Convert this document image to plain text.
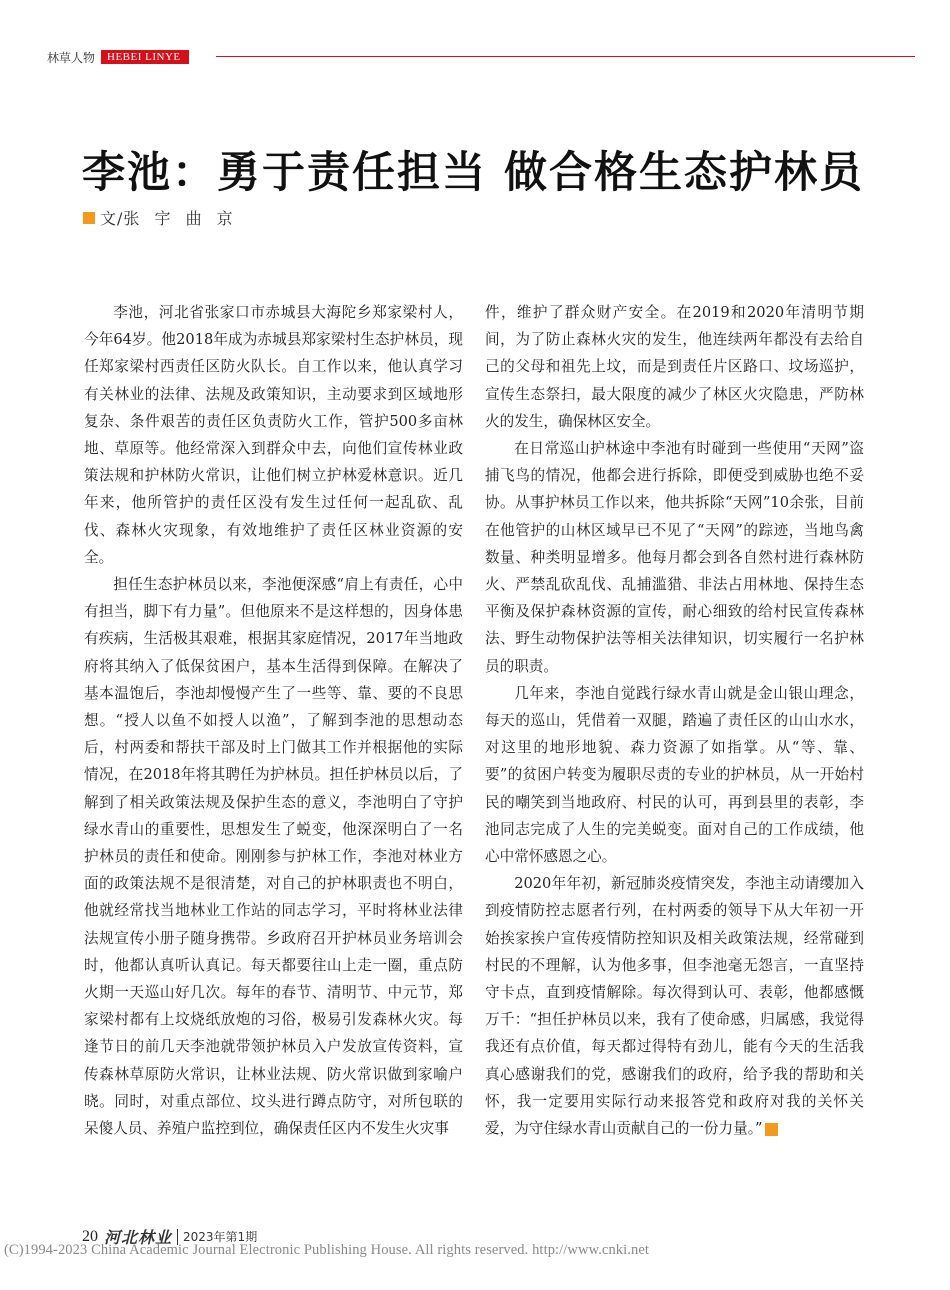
林草人物	HEBEI LINYE
李池：勇于责任担当 做合格生态护林员
文/张 宇 曲 京

李池，河北省张家口市赤城县大海陀乡郑家梁村人，今年64岁。他2018年成为赤城县郑家梁村生态护林员，现任郑家梁村西责任区防火队长。自工作以来，他认真学习有关林业的法律、法规及政策知识，主动要求到区域地形复杂、条件艰苦的责任区负责防火工作，管护500多亩林地、草原等。他经常深入到群众中去，向他们宣传林业政策法规和护林防火常识，让他们树立护林爱林意识。近几年来，他所管护的责任区没有发生过任何一起乱砍、乱伐、森林火灾现象，有效地维护了责任区林业资源的安全。

担任生态护林员以来，李池便深感“肩上有责任，心中有担当，脚下有力量”。但他原来不是这样想的，因身体患有疾病，生活极其艰难，根据其家庭情况，2017年当地政府将其纳入了低保贫困户，基本生活得到保障。在解决了基本温饱后，李池却慢慢产生了一些等、靠、要的不良思想。“授人以鱼不如授人以渔”，了解到李池的思想动态后，村两委和帮扶干部及时上门做其工作并根据他的实际情况，在2018年将其聘任为护林员。担任护林员以后，了解到了相关政策法规及保护生态的意义，李池明白了守护绿水青山的重要性，思想发生了蜕变，他深深明白了一名护林员的责任和使命。刚刚参与护林工作，李池对林业方面的政策法规不是很清楚，对自己的护林职责也不明白，他就经常找当地林业工作站的同志学习，平时将林业法律法规宣传小册子随身携带。乡政府召开护林员业务培训会时，他都认真听认真记。每天都要往山上走一圈，重点防火期一天巡山好几次。每年的春节、清明节、中元节，郑家梁村都有上坟烧纸放炮的习俗，极易引发森林火灾。每逢节日的前几天李池就带领护林员入户发放宣传资料，宣传森林草原防火常识，让林业法规、防火常识做到家喻户晓。同时，对重点部位、坟头进行蹲点防守，对所包联的呆傻人员、养殖户监控到位，确保责任区内不发生火灾事

件，维护了群众财产安全。在2019和2020年清明节期间，为了防止森林火灾的发生，他连续两年都没有去给自己的父母和祖先上坟，而是到责任片区路口、坟场巡护，宣传生态祭扫，最大限度的减少了林区火灾隐患，严防林火的发生，确保林区安全。

在日常巡山护林途中李池有时碰到一些使用“天网”盗捕飞鸟的情况，他都会进行拆除，即便受到威胁也绝不妥协。从事护林员工作以来，他共拆除“天网”10余张，目前在他管护的山林区域早已不见了“天网”的踪迹，当地鸟禽数量、种类明显增多。他每月都会到各自然村进行森林防火、严禁乱砍乱伐、乱捕滥猎、非法占用林地、保持生态平衡及保护森林资源的宣传，耐心细致的给村民宣传森林法、野生动物保护法等相关法律知识，切实履行一名护林员的职责。

几年来，李池自觉践行绿水青山就是金山银山理念，每天的巡山，凭借着一双腿，踏遍了责任区的山山水水，对这里的地形地貌、森力资源了如指掌。从“等、靠、要”的贫困户转变为履职尽责的专业的护林员，从一开始村民的嘲笑到当地政府、村民的认可，再到县里的表彰，李池同志完成了人生的完美蜕变。面对自己的工作成绩，他心中常怀感恩之心。

2020年年初，新冠肺炎疫情突发，李池主动请缨加入到疫情防控志愿者行列，在村两委的领导下从大年初一开始挨家挨户宣传疫情防控知识及相关政策法规，经常碰到村民的不理解，认为他多事，但李池毫无怨言，一直坚持守卡点，直到疫情解除。每次得到认可、表彰，他都感慨万千：“担任护林员以来，我有了使命感，归属感，我觉得我还有点价值，每天都过得特有劲儿，能有今天的生活我真心感谢我们的党，感谢我们的政府，给予我的帮助和关怀，我一定要用实际行动来报答党和政府对我的关怀关爱，为守住绿水青山贡献自己的一份力量。”	▲

20 河北林业 2023年第1期
(C)1994-2023 China Academic Journal Electronic Publishing House. All rights reserved. http://www.cnki.net
